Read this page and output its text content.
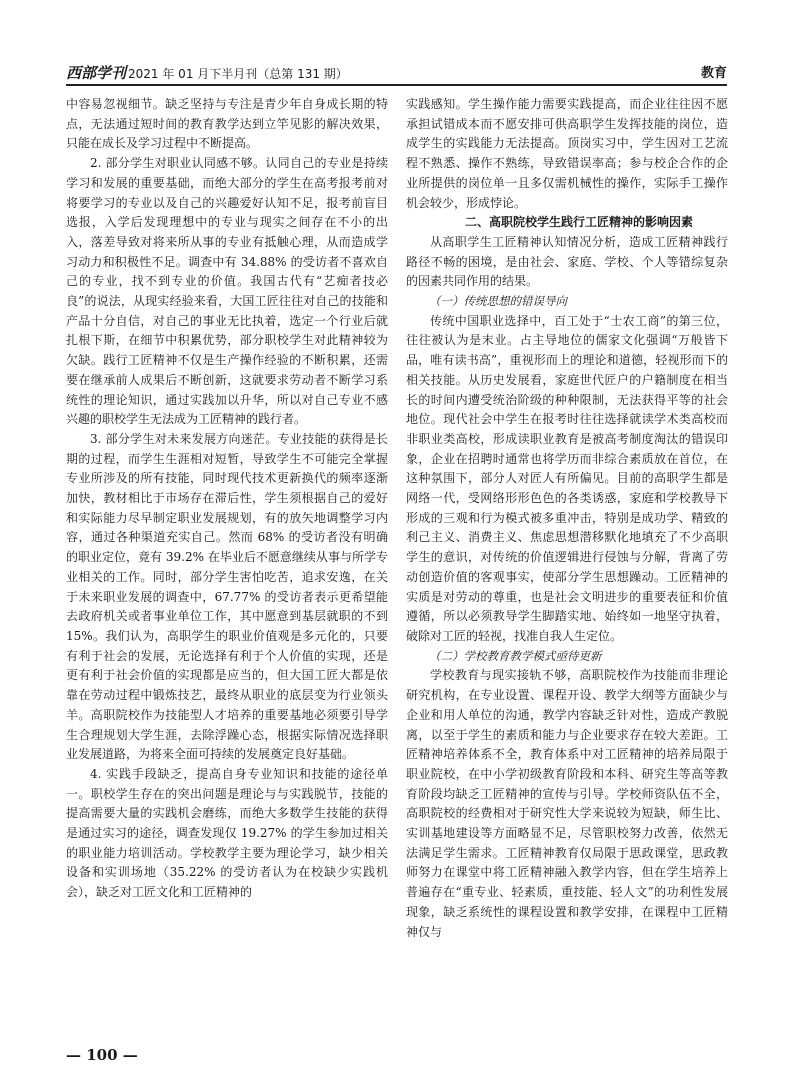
西部学刊 2021 年 01 月下半月刊（总第 131 期）	教育

中容易忽视细节。缺乏坚持与专注是青少年自身成长期的特点，无法通过短时间的教育教学达到立竿见影的解决效果，只能在成长及学习过程中不断提高。

2. 部分学生对职业认同感不够。认同自己的专业是持续学习和发展的重要基础，而绝大部分的学生在高考报考前对将要学习的专业以及自己的兴趣爱好认知不足，报考前盲目选报，入学后发现理想中的专业与现实之间存在不小的出入，落差导致对将来所从事的专业有抵触心理，从而造成学习动力和积极性不足。调查中有 34.88% 的受访者不喜欢自己的专业，找不到专业的价值。我国古代有“艺痴者技必良”的说法，从现实经验来看，大国工匠往往对自己的技能和产品十分自信，对自己的事业无比执着，选定一个行业后就扎根下斯，在细节中积累优势，部分职校学生对此精神较为欠缺。践行工匠精神不仅是生产操作经验的不断积累，还需要在继承前人成果后不断创新，这就要求劳动者不断学习系统性的理论知识，通过实践加以升华，所以对自己专业不感兴趣的职校学生无法成为工匠精神的践行者。

3. 部分学生对未来发展方向迷茫。专业技能的获得是长期的过程，而学生生涯相对短暂，导致学生不可能完全掌握专业所涉及的所有技能，同时现代技术更新换代的频率逐渐加快，教材相比于市场存在滞后性，学生须根据自己的爱好和实际能力尽早制定职业发展规划，有的放矢地调整学习内容，通过各种渠道充实自己。然而 68% 的受访者没有明确的职业定位，竟有 39.2% 在毕业后不愿意继续从事与所学专业相关的工作。同时，部分学生害怕吃苦，追求安逸，在关于未来职业发展的调查中，67.77% 的受访者表示更希望能去政府机关或者事业单位工作，其中愿意到基层就职的不到 15%。我们认为，高职学生的职业价值观是多元化的，只要有利于社会的发展，无论选择有利于个人价值的实现，还是更有利于社会价值的实现都是应当的，但大国工匠大都是依靠在劳动过程中锻炼技艺，最终从职业的底层变为行业领头羊。高职院校作为技能型人才培养的重要基地必须要引导学生合理规划大学生涯，去除浮躁心态，根据实际情况选择职业发展道路，为将来全面可持续的发展奠定良好基础。

4. 实践手段缺乏，提高自身专业知识和技能的途径单一。职校学生存在的突出问题是理论与与实践脱节，技能的提高需要大量的实践机会磨练，而绝大多数学生技能的获得是通过实习的途径，调查发现仅 19.27% 的学生参加过相关的职业能力培训活动。学校教学主要为理论学习，缺少相关设备和实训场地（35.22% 的受访者认为在校缺少实践机会），缺乏对工匠文化和工匠精神的

实践感知。学生操作能力需要实践提高，而企业往往因不愿承担试错成本而不愿安排可供高职学生发挥技能的岗位，造成学生的实践能力无法提高。顶岗实习中，学生因对工艺流程不熟悉、操作不熟练，导致错误率高；参与校企合作的企业所提供的岗位单一且多仅需机械性的操作，实际手工操作机会较少，形成悖论。

二、高职院校学生践行工匠精神的影响因素

从高职学生工匠精神认知情况分析，造成工匠精神践行路径不畅的困境，是由社会、家庭、学校、个人等错综复杂的因素共同作用的结果。

（一）传统思想的错误导向

传统中国职业选择中，百工处于“士农工商”的第三位，往往被认为是末业。占主导地位的儒家文化强调“万般皆下品，唯有读书高”，重视形而上的理论和道德，轻视形而下的相关技能。从历史发展看，家庭世代匠户的户籍制度在相当长的时间内遭受统治阶级的种种限制，无法获得平等的社会地位。现代社会中学生在报考时往往选择就读学术类高校而非职业类高校，形成读职业教育是被高考制度淘汰的错误印象，企业在招聘时通常也将学历而非综合素质放在首位，在这种氛围下，部分人对匠人有所偏见。目前的高职学生都是网络一代，受网络形形色色的各类诱惑，家庭和学校教导下形成的三观和行为模式被多重冲击，特别是成功学、精致的利己主义、消费主义、焦虑思想潜移默化地填充了不少高职学生的意识，对传统的价值逻辑进行侵蚀与分解，背离了劳动创造价值的客观事实，使部分学生思想躁动。工匠精神的实质是对劳动的尊重，也是社会文明进步的重要表征和价值遵循，所以必须教导学生脚踏实地、始终如一地坚守执着，破除对工匠的轻视，找准自我人生定位。

（二）学校教育教学模式亟待更新

学校教育与现实接轨不够，高职院校作为技能而非理论研究机构，在专业设置、课程开设、教学大纲等方面缺少与企业和用人单位的沟通，教学内容缺乏针对性，造成产教脱离，以至于学生的素质和能力与企业要求存在较大差距。工匠精神培养体系不全，教育体系中对工匠精神的培养局限于职业院校，在中小学初级教育阶段和本科、研究生等高等教育阶段均缺乏工匠精神的宣传与引导。学校师资队伍不全，高职院校的经费相对于研究性大学来说较为短缺，师生比、实训基地建设等方面略显不足，尽管职校努力改善，依然无法满足学生需求。工匠精神教育仅局限于思政课堂，思政教师努力在课堂中将工匠精神融入教学内容，但在学生培养上普遍存在“重专业、轻素质，重技能、轻人文”的功利性发展现象，缺乏系统性的课程设置和教学安排，在课程中工匠精神仅与

— 100 —
